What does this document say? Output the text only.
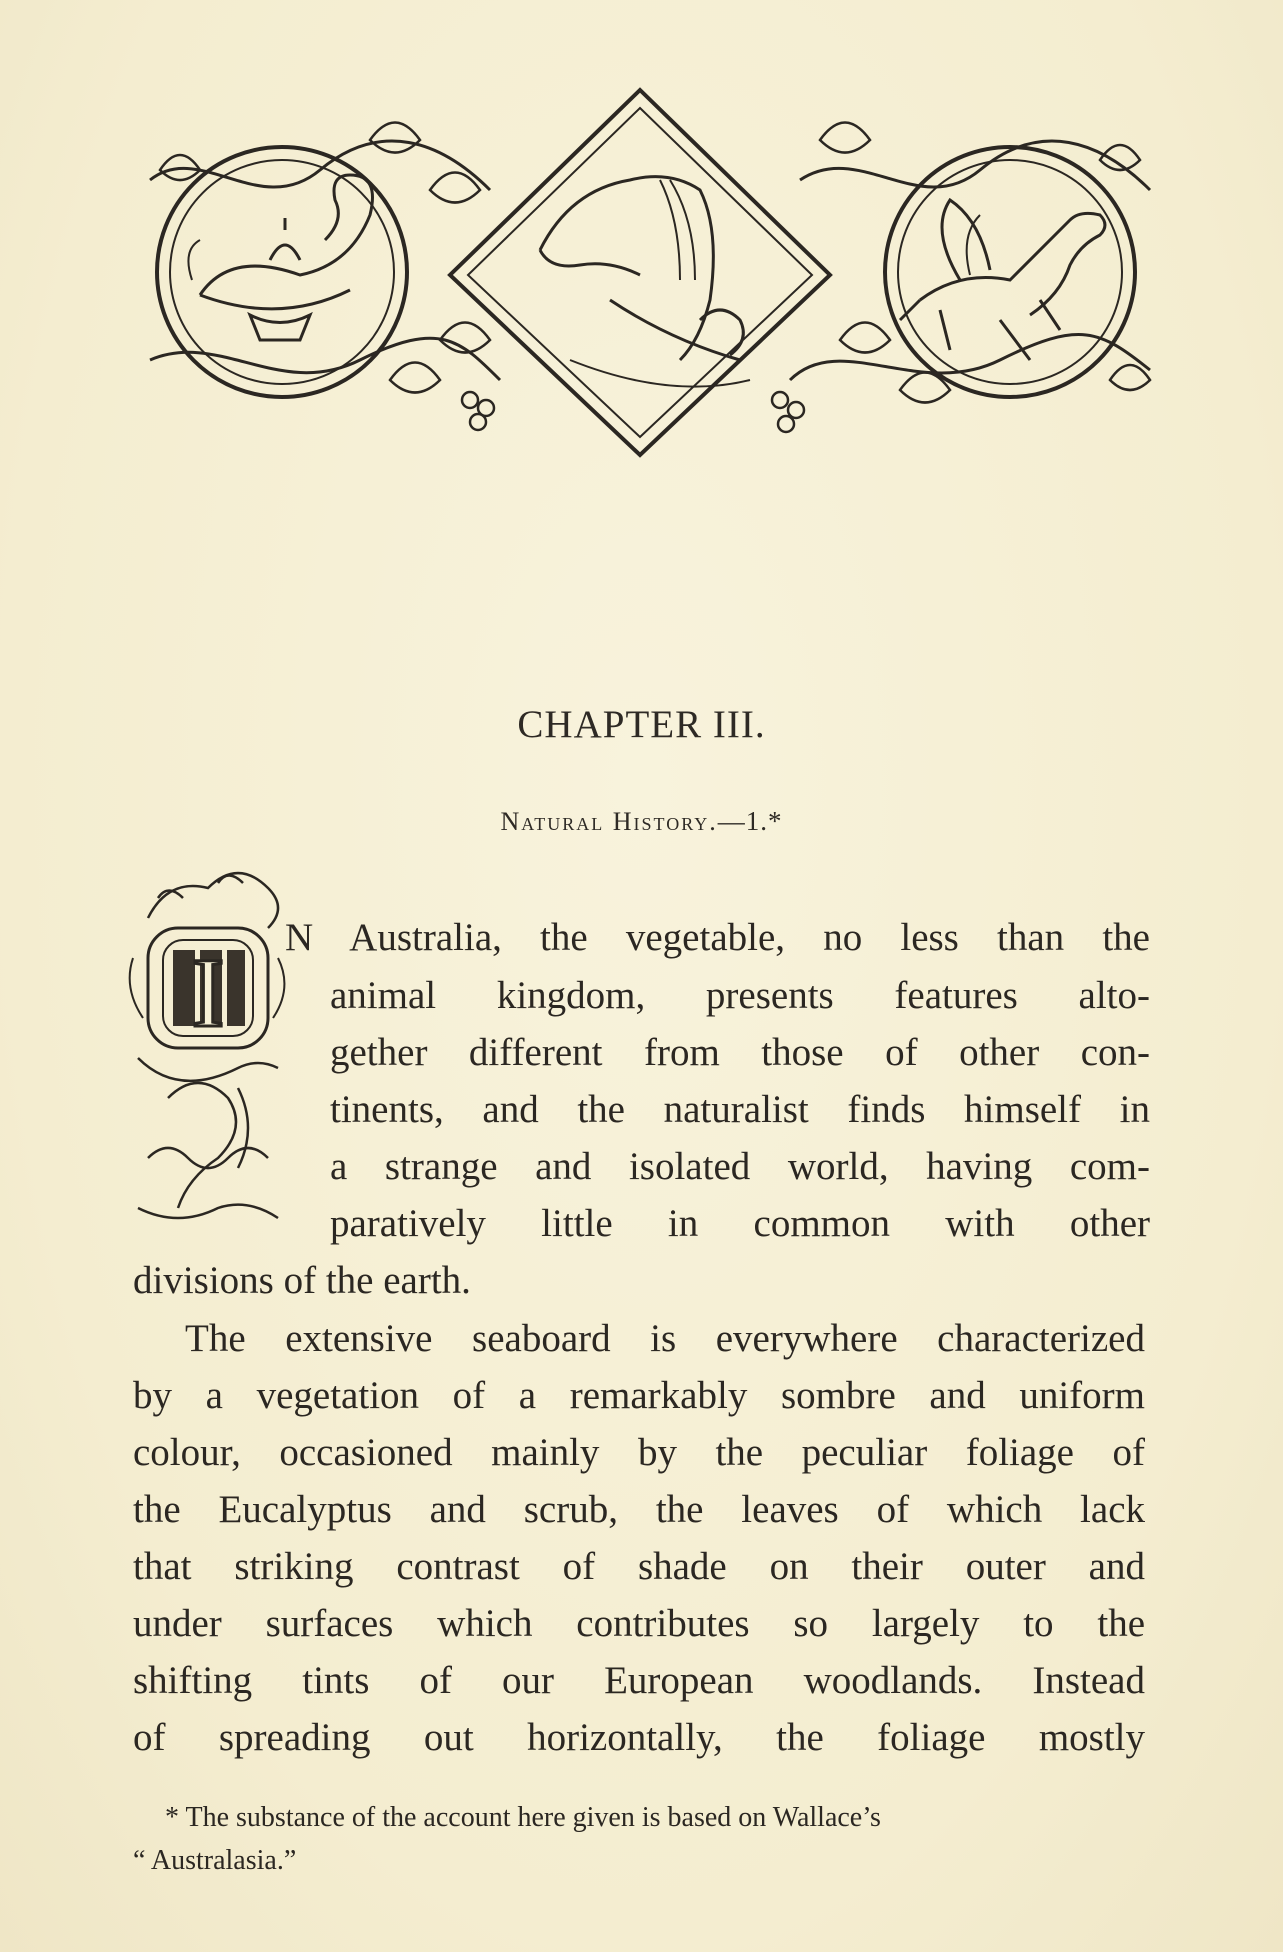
CHAPTER III.
Natural History.—1.*
I N Australia, the vegetable, no less than the
animal kingdom, presents features alto-
gether different from those of other con-
tinents, and the naturalist finds himself in
a strange and isolated world, having com-
paratively little in common with other
divisions of the earth.
The extensive seaboard is everywhere characterized
by a vegetation of a remarkably sombre and uniform
colour, occasioned mainly by the peculiar foliage of
the Eucalyptus and scrub, the leaves of which lack
that striking contrast of shade on their outer and
under surfaces which contributes so largely to the
shifting tints of our European woodlands. Instead
of spreading out horizontally, the foliage mostly
* The substance of the account here given is based on Wallace’s
“ Australasia.”
